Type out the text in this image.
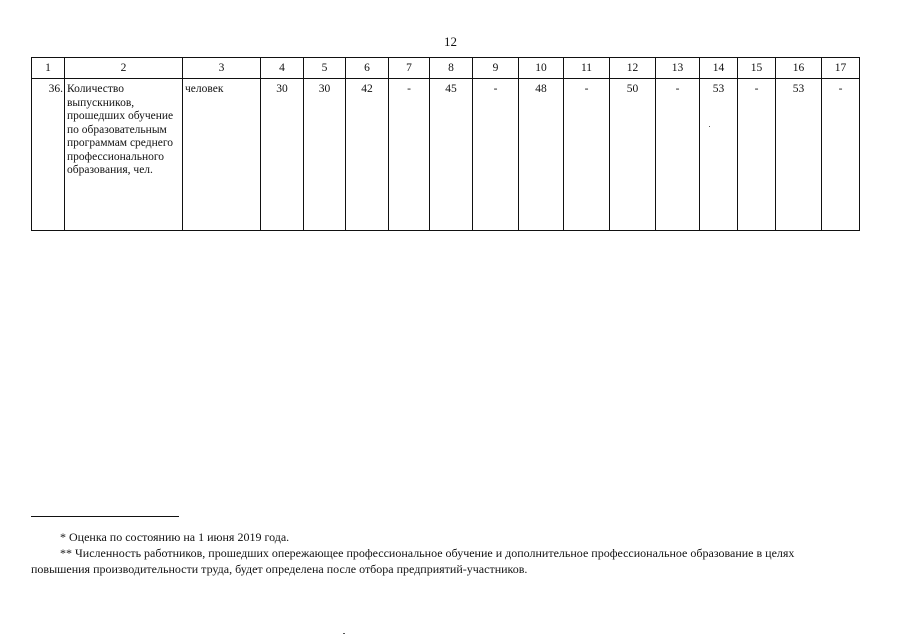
12
1	2	3	4	5	6	7	8	9	10	11	12	13	14	15	16	17
36.	Количество выпускников, прошедших обучение по образовательным программам среднего профессионального образования, чел.	человек	30	30	42	-	45	-	48	-	50	-	53	-	53	-

* Оценка по состоянию на 1 июня 2019 года.

** Численность работников, прошедших опережающее профессиональное обучение и дополнительное профессиональное образование в целях

повышения производительности труда, будет определена после отбора предприятий-участников.
